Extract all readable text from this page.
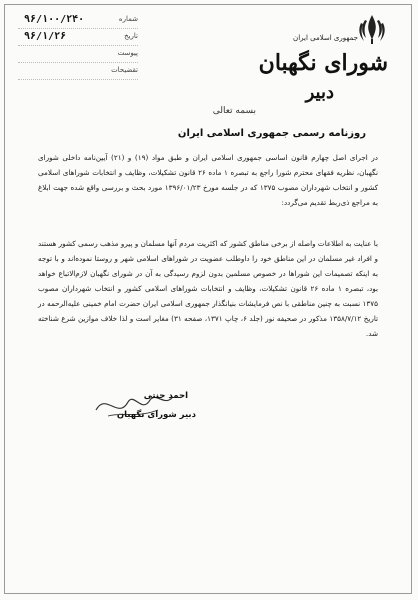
۹۶/۱۰۰/۲۴۰	شماره
۹۶/۱/۲۶	تاریخ
پیوست
تقضیحات
جمهوری اسلامی ایران
شورای نگهبان
دبیر
بسمه تعالی
روزنامه رسمی جمهوری اسلامی ایران

در اجرای اصل چهارم قانون اساسی جمهوری اسلامی ایران و طبق مواد (۱۹) و (۲۱) آیین‌نامه داخلی شورای نگهبان، نظریه فقهای محترم شورا راجع به تبصره ۱ ماده ۲۶ قانون تشکیلات، وظایف و انتخابات شوراهای اسلامی کشور و انتخاب شهرداران مصوب ۱۳۷۵ که در جلسه مورخ ۱۳۹۶/۰۱/۲۳ مورد بحث و بررسی واقع شده جهت ابلاغ به مراجع ذی‌ربط تقدیم می‌گردد:

با عنایت به اطلاعات واصله از برخی مناطق کشور که اکثریت مردم آنها مسلمان و پیرو مذهب رسمی کشور هستند و افراد غیر مسلمان در این مناطق خود را داوطلب عضویت در شوراهای اسلامی شهر و روستا نموده‌اند و با توجه به اینکه تصمیمات این شوراها در خصوص مسلمین بدون لزوم رسیدگی به آن در شورای نگهبان لازم‌الاتباع خواهد بود، تبصره ۱ ماده ۲۶ قانون تشکیلات، وظایف و انتخابات شوراهای اسلامی کشور و انتخاب شهرداران مصوب ۱۳۷۵ نسبت به چنین مناطقی با نص فرمایشات بنیانگذار جمهوری اسلامی ایران حضرت امام خمینی علیه‌الرحمه در تاریخ ۱۳۵۸/۷/۱۲ مذکور در صحیفه نور (جلد ۶، چاپ ۱۳۷۱، صفحه ۳۱) مغایر است و لذا خلاف موازین شرع شناخته شد.

احمد جنتی
دبیر شورای نگهبان
